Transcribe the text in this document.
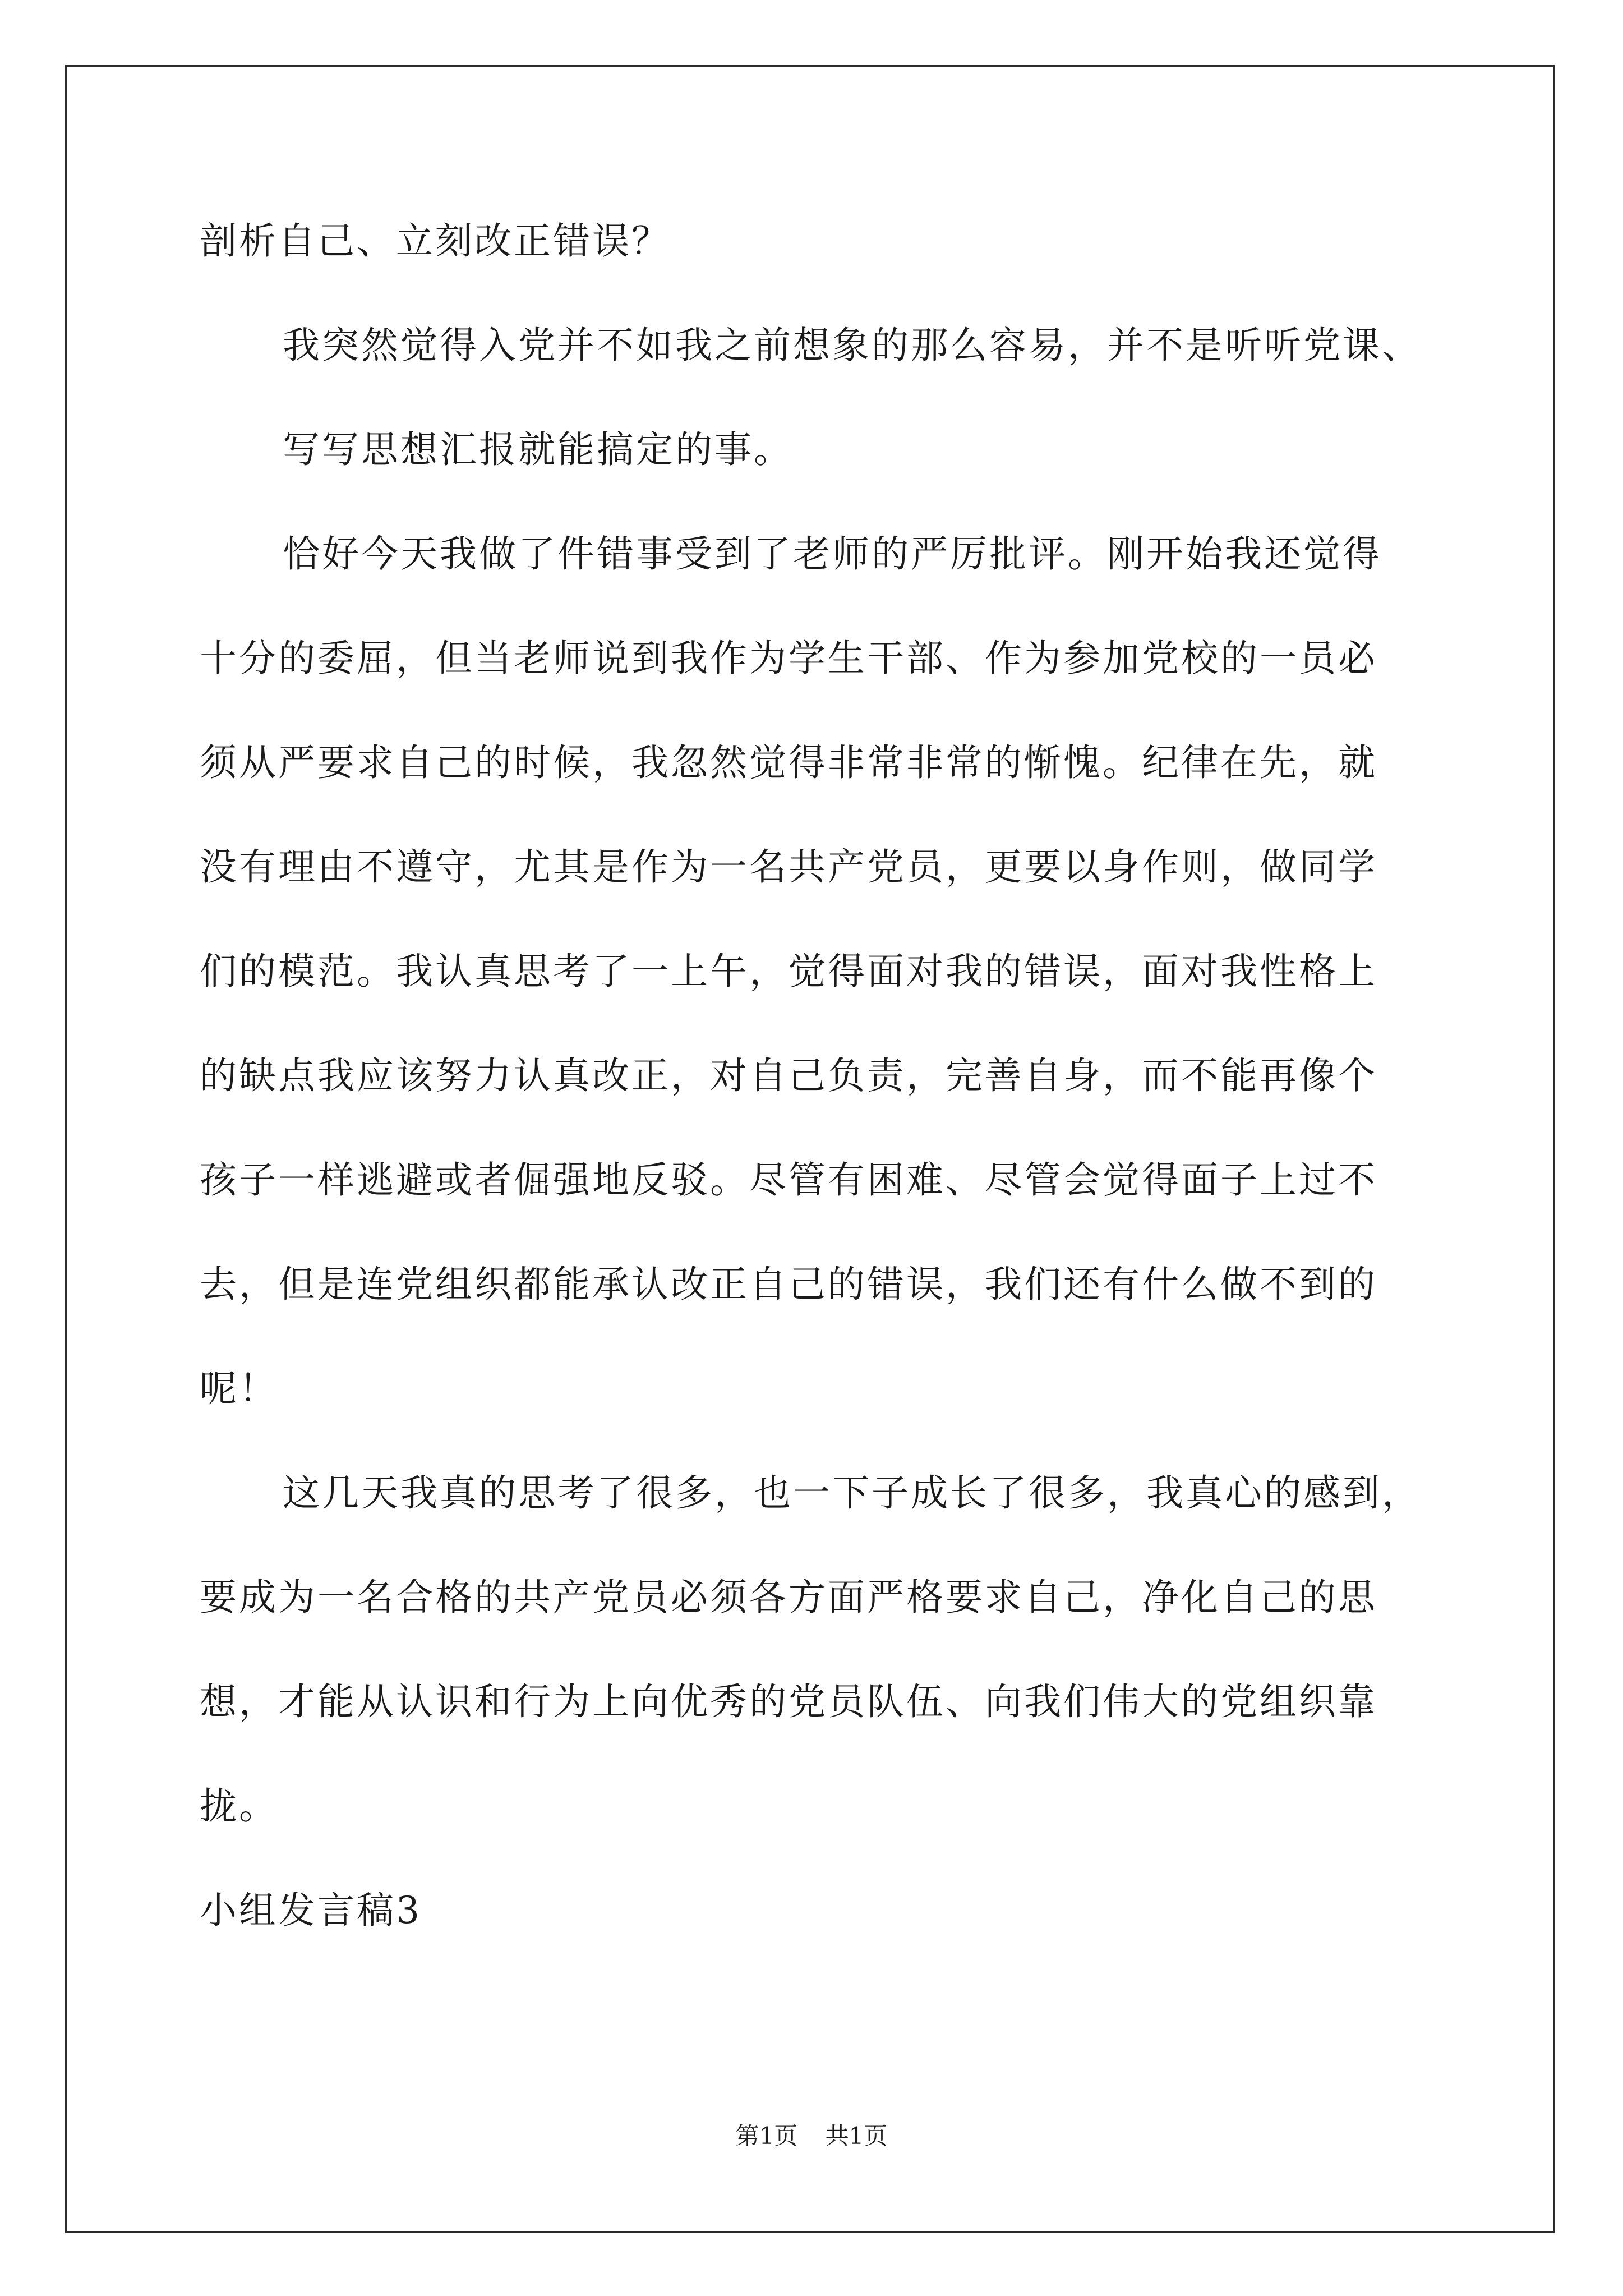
剖析自己、立刻改正错误？
我突然觉得入党并不如我之前想象的那么容易，并不是听听党课、
写写思想汇报就能搞定的事。
恰好今天我做了件错事受到了老师的严厉批评。刚开始我还觉得
十分的委屈，但当老师说到我作为学生干部、作为参加党校的一员必
须从严要求自己的时候，我忽然觉得非常非常的惭愧。纪律在先，就
没有理由不遵守，尤其是作为一名共产党员，更要以身作则，做同学
们的模范。我认真思考了一上午，觉得面对我的错误，面对我性格上
的缺点我应该努力认真改正，对自己负责，完善自身，而不能再像个
孩子一样逃避或者倔强地反驳。尽管有困难、尽管会觉得面子上过不
去，但是连党组织都能承认改正自己的错误，我们还有什么做不到的
呢！
这几天我真的思考了很多，也一下子成长了很多，我真心的感到，
要成为一名合格的共产党员必须各方面严格要求自己，净化自己的思
想，才能从认识和行为上向优秀的党员队伍、向我们伟大的党组织靠
拢。
小组发言稿3
第1页 共1页
